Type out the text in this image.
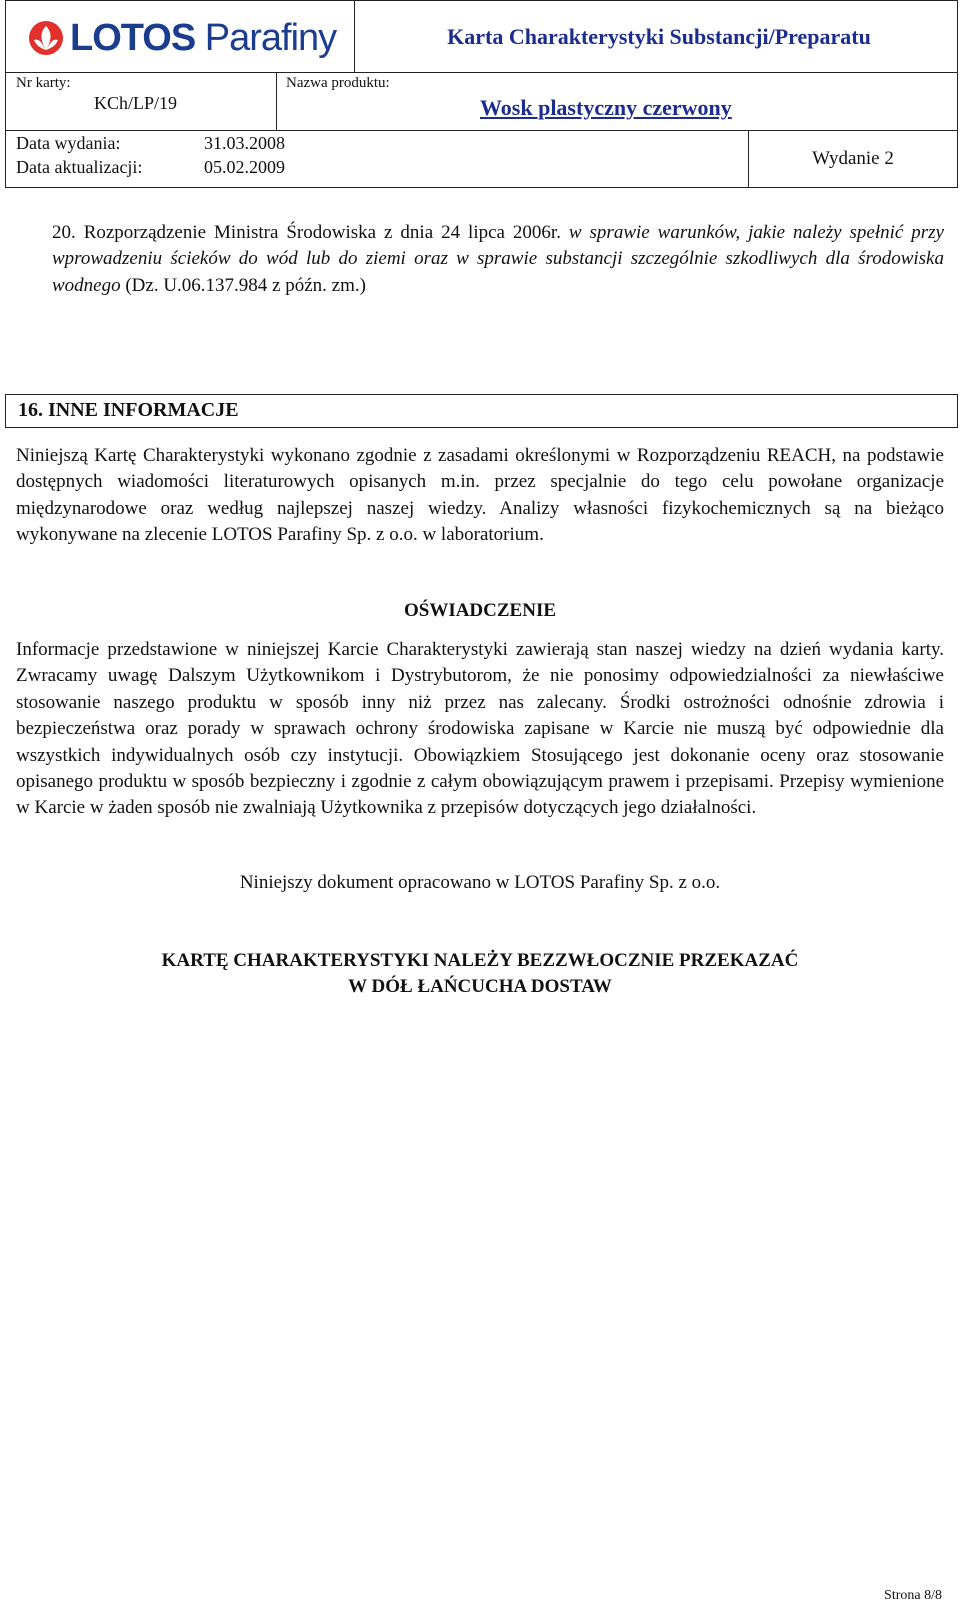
LOTOS Parafiny	Karta Charakterystyki Substancji/Preparatu
Nr karty:
KCh/LP/19
Nazwa produktu:
Wosk plastyczny czerwony
Data wydania:	31.03.2008
Data aktualizacji:	05.02.2009	Wydanie 2
20. Rozporządzenie Ministra Środowiska z dnia 24 lipca 2006r. w sprawie warunków, jakie należy spełnić przy wprowadzeniu ścieków do wód lub do ziemi oraz w sprawie substancji szczególnie szkodliwych dla środowiska wodnego (Dz. U.06.137.984 z późn. zm.)
16. INNE INFORMACJE
Niniejszą Kartę Charakterystyki wykonano zgodnie z zasadami określonymi w Rozporządzeniu REACH, na podstawie dostępnych wiadomości literaturowych opisanych m.in. przez specjalnie do tego celu powołane organizacje międzynarodowe oraz według najlepszej naszej wiedzy. Analizy własności fizykochemicznych są na bieżąco wykonywane na zlecenie LOTOS Parafiny Sp. z o.o. w laboratorium.
OŚWIADCZENIE
Informacje przedstawione w niniejszej Karcie Charakterystyki zawierają stan naszej wiedzy na dzień wydania karty. Zwracamy uwagę Dalszym Użytkownikom i Dystrybutorom, że nie ponosimy odpowiedzialności za niewłaściwe stosowanie naszego produktu w sposób inny niż przez nas zalecany. Środki ostrożności odnośnie zdrowia i bezpieczeństwa oraz porady w sprawach ochrony środowiska zapisane w Karcie nie muszą być odpowiednie dla wszystkich indywidualnych osób czy instytucji. Obowiązkiem Stosującego jest dokonanie oceny oraz stosowanie opisanego produktu w sposób bezpieczny i zgodnie z całym obowiązującym prawem i przepisami. Przepisy wymienione w Karcie w żaden sposób nie zwalniają Użytkownika z przepisów dotyczących jego działalności.
Niniejszy dokument opracowano w LOTOS Parafiny Sp. z o.o.
KARTĘ CHARAKTERYSTYKI NALEŻY BEZZWŁOCZNIE PRZEKAZAĆ
W DÓŁ ŁAŃCUCHA DOSTAW
Strona 8/8
